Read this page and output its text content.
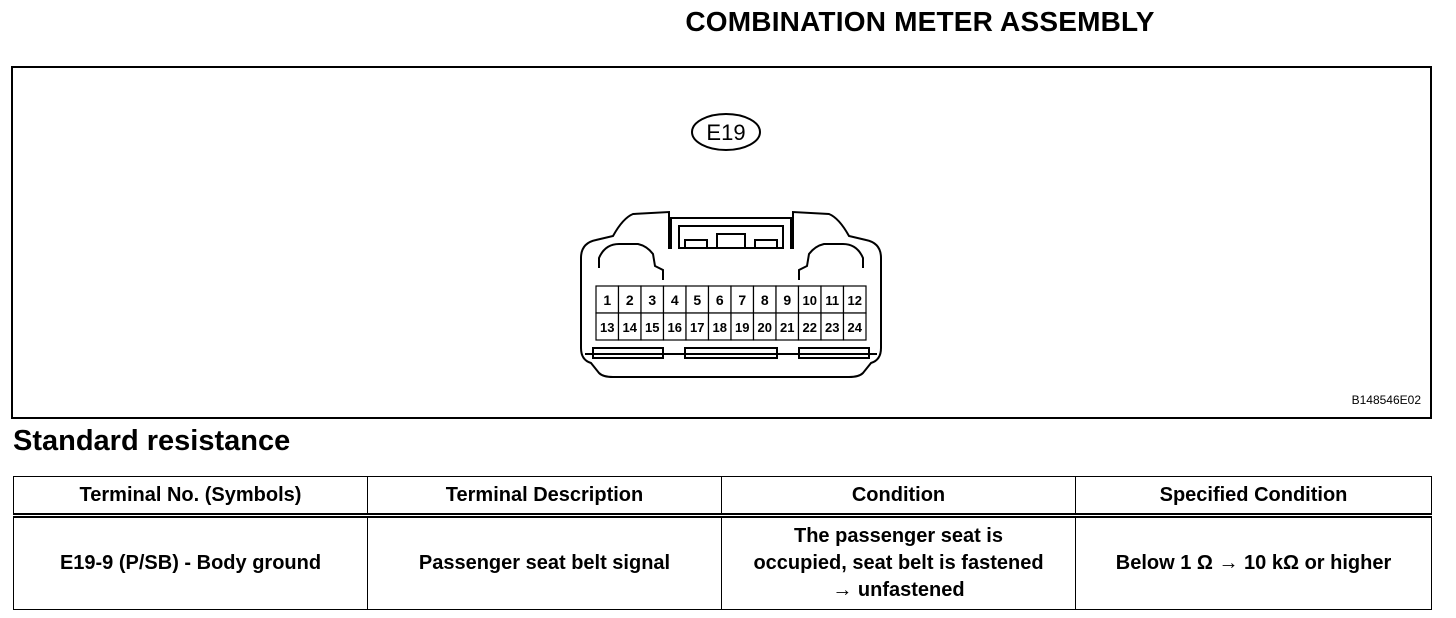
COMBINATION METER ASSEMBLY
E19
1 2 3 4 5 6 7 8 9 10 11 12
13 14 15 16 17 18 19 20 21 22 23 24
B148546E02
Standard resistance
Terminal No. (Symbols)	Terminal Description	Condition	Specified Condition
E19-9 (P/SB) - Body ground	Passenger seat belt signal	The passenger seat is
occupied, seat belt is fastened
→ unfastened	Below 1 Ω → 10 kΩ or higher
